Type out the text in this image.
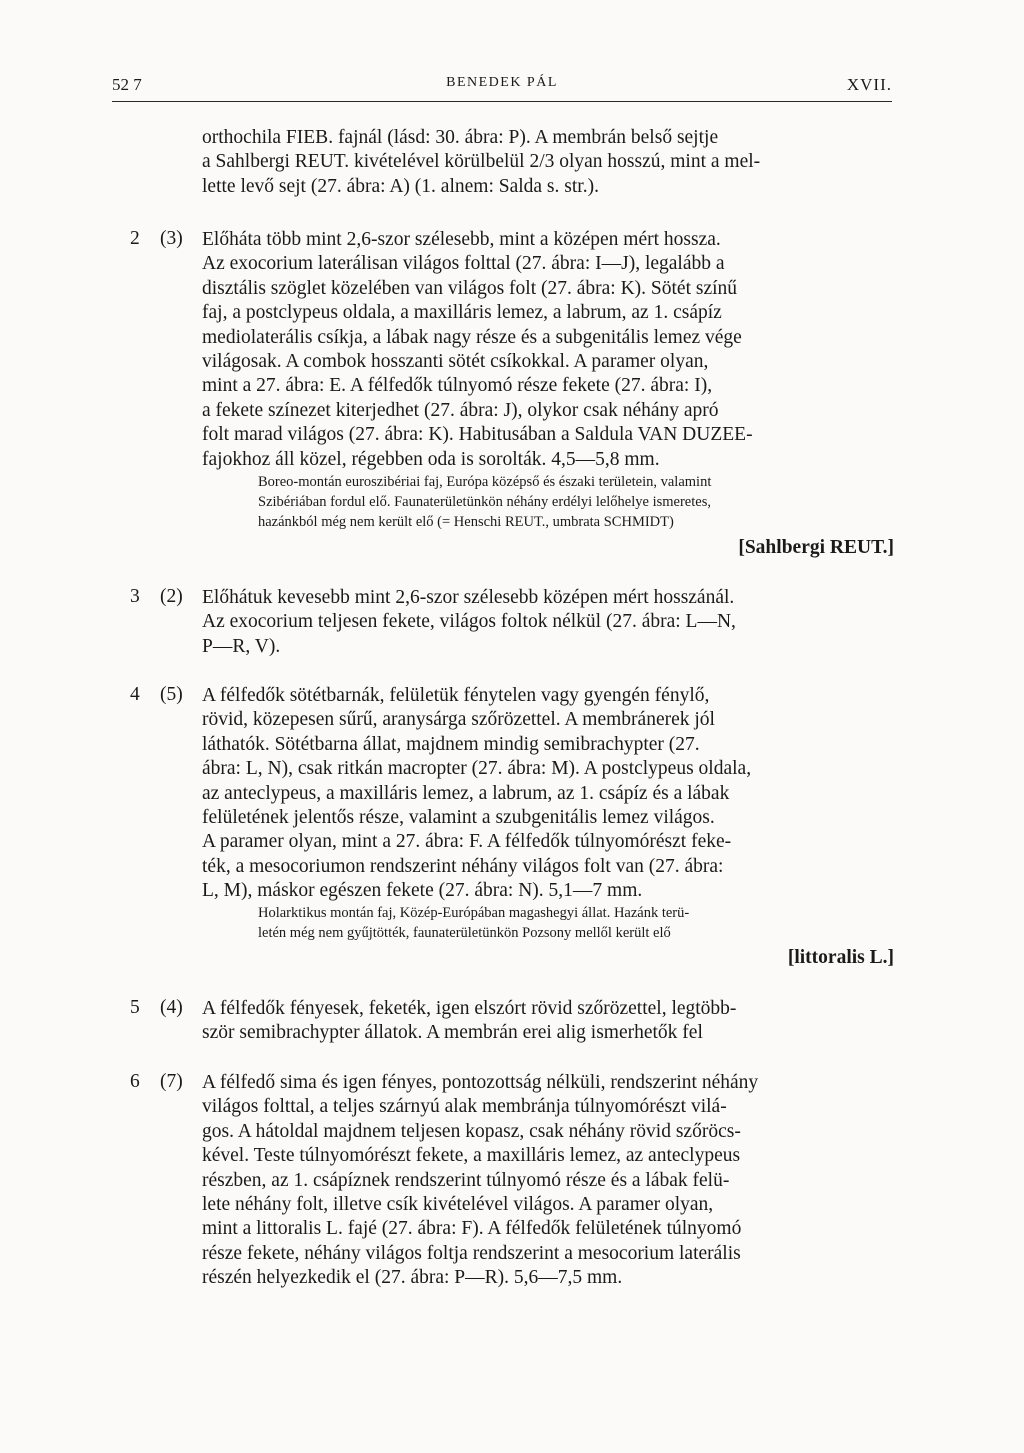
52 7	BENEDEK PÁL	XVII.
orthochila FIEB. fajnál (lásd: 30. ábra: P). A membrán belső sejtje
a Sahlbergi REUT. kivételével körülbelül 2/3 olyan hosszú, mint a mel-
lette levő sejt (27. ábra: A) (1. alnem: Salda s. str.).
2 (3) Előháta több mint 2,6-szor szélesebb, mint a középen mért hossza.
Az exocorium laterálisan világos folttal (27. ábra: I—J), legalább a
disztális szöglet közelében van világos folt (27. ábra: K). Sötét színű
faj, a postclypeus oldala, a maxilláris lemez, a labrum, az 1. csápíz
mediolaterális csíkja, a lábak nagy része és a subgenitális lemez vége
világosak. A combok hosszanti sötét csíkokkal. A paramer olyan,
mint a 27. ábra: E. A félfedők túlnyomó része fekete (27. ábra: I),
a fekete színezet kiterjedhet (27. ábra: J), olykor csak néhány apró
folt marad világos (27. ábra: K). Habitusában a Saldula VAN DUZEE-
fajokhoz áll közel, régebben oda is sorolták. 4,5—5,8 mm.
Boreo-montán euroszibériai faj, Európa középső és északi területein, valamint
Szibériában fordul elő. Faunaterületünkön néhány erdélyi lelőhelye ismeretes,
hazánkból még nem került elő (= Henschi REUT., umbrata SCHMIDT)
[Sahlbergi REUT.]
3 (2) Előhátuk kevesebb mint 2,6-szor szélesebb középen mért hosszánál.
Az exocorium teljesen fekete, világos foltok nélkül (27. ábra: L—N,
P—R, V).
4 (5) A félfedők sötétbarnák, felületük fénytelen vagy gyengén fénylő,
rövid, közepesen sűrű, aranysárga szőrözettel. A membránerek jól
láthatók. Sötétbarna állat, majdnem mindig semibrachypter (27.
ábra: L, N), csak ritkán macropter (27. ábra: M). A postclypeus oldala,
az anteclypeus, a maxilláris lemez, a labrum, az 1. csápíz és a lábak
felületének jelentős része, valamint a szubgenitális lemez világos.
A paramer olyan, mint a 27. ábra: F. A félfedők túlnyomórészt feke-
ték, a mesocoriumon rendszerint néhány világos folt van (27. ábra:
L, M), máskor egészen fekete (27. ábra: N). 5,1—7 mm.
Holarktikus montán faj, Közép-Európában magashegyi állat. Hazánk terü-
letén még nem gyűjtötték, faunaterületünkön Pozsony mellől került elő
[littoralis L.]
5 (4) A félfedők fényesek, feketék, igen elszórt rövid szőrözettel, legtöbb-
ször semibrachypter állatok. A membrán erei alig ismerhetők fel
6 (7) A félfedő sima és igen fényes, pontozottság nélküli, rendszerint néhány
világos folttal, a teljes szárnyú alak membránja túlnyomórészt vilá-
gos. A hátoldal majdnem teljesen kopasz, csak néhány rövid szőröcs-
kével. Teste túlnyomórészt fekete, a maxilláris lemez, az anteclypeus
részben, az 1. csápíznek rendszerint túlnyomó része és a lábak felü-
lete néhány folt, illetve csík kivételével világos. A paramer olyan,
mint a littoralis L. fajé (27. ábra: F). A félfedők felületének túlnyomó
része fekete, néhány világos foltja rendszerint a mesocorium laterális
részén helyezkedik el (27. ábra: P—R). 5,6—7,5 mm.
